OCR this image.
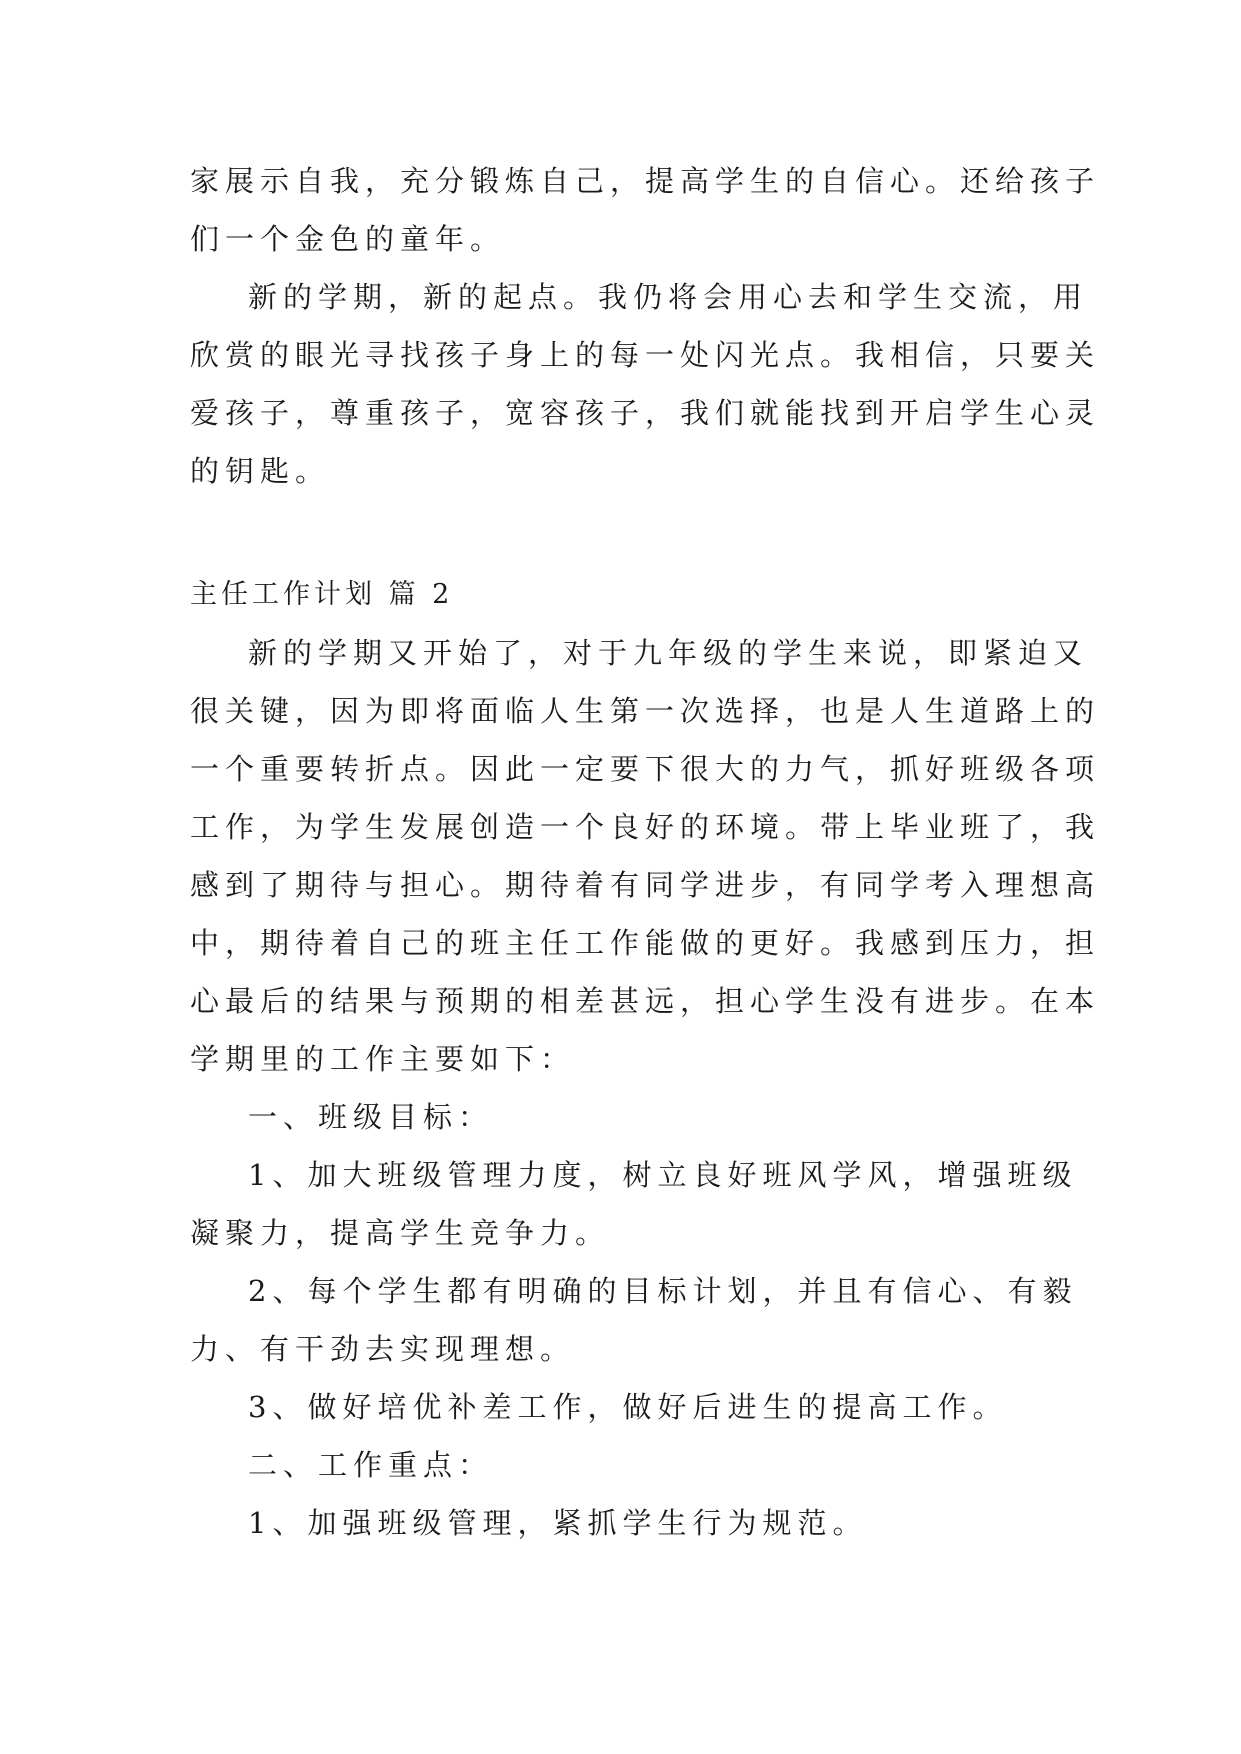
家展示自我，充分锻炼自己，提高学生的自信心。还给孩子
们一个金色的童年。
新的学期，新的起点。我仍将会用心去和学生交流，用
欣赏的眼光寻找孩子身上的每一处闪光点。我相信，只要关
爱孩子，尊重孩子，宽容孩子，我们就能找到开启学生心灵
的钥匙。
主任工作计划 篇 2
新的学期又开始了，对于九年级的学生来说，即紧迫又
很关键，因为即将面临人生第一次选择，也是人生道路上的
一个重要转折点。因此一定要下很大的力气，抓好班级各项
工作，为学生发展创造一个良好的环境。带上毕业班了，我
感到了期待与担心。期待着有同学进步，有同学考入理想高
中，期待着自己的班主任工作能做的更好。我感到压力，担
心最后的结果与预期的相差甚远，担心学生没有进步。在本
学期里的工作主要如下：
一、班级目标：
1、加大班级管理力度，树立良好班风学风，增强班级
凝聚力，提高学生竞争力。
2、每个学生都有明确的目标计划，并且有信心、有毅
力、有干劲去实现理想。
3、做好培优补差工作，做好后进生的提高工作。
二、工作重点：
1、加强班级管理，紧抓学生行为规范。
